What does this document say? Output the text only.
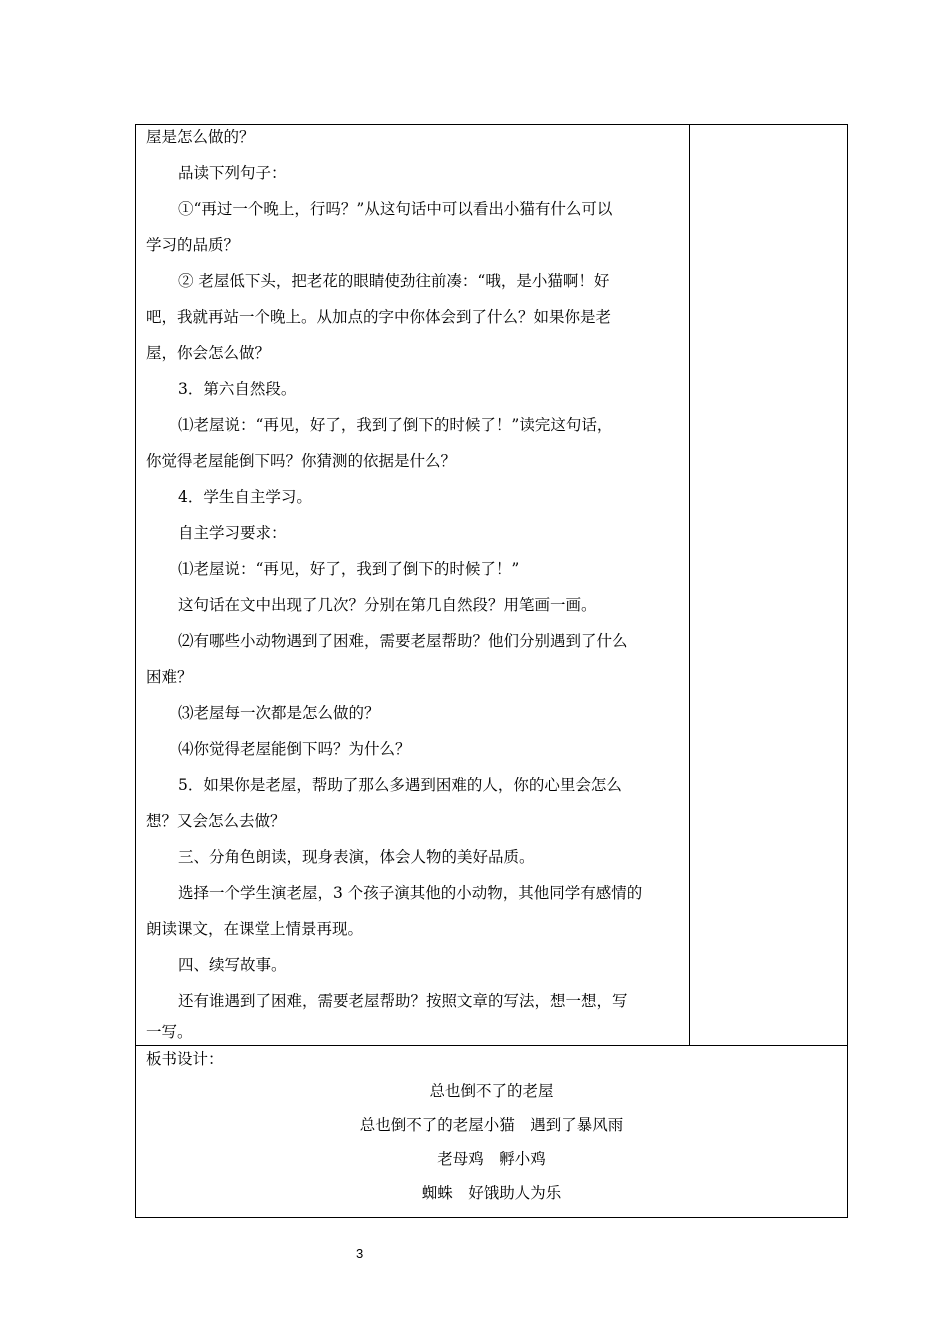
屋是怎么做的？
品读下列句子：
①“再过一个晚上，行吗？”从这句话中可以看出小猫有什么可以
学习的品质？
② 老屋低下头，把老花的眼睛使劲往前凑：“哦，是小猫啊！好
吧，我就再站一个晚上。从加点的字中你体会到了什么？如果你是老
屋，你会怎么做？
3．第六自然段。
⑴老屋说：“再见，好了，我到了倒下的时候了！”读完这句话，
你觉得老屋能倒下吗？你猜测的依据是什么？
4．学生自主学习。
自主学习要求：
⑴老屋说：“再见，好了，我到了倒下的时候了！”
这句话在文中出现了几次？分别在第几自然段？用笔画一画。
⑵有哪些小动物遇到了困难，需要老屋帮助？他们分别遇到了什么
困难？
⑶老屋每一次都是怎么做的？
⑷你觉得老屋能倒下吗？为什么？
5．如果你是老屋，帮助了那么多遇到困难的人，你的心里会怎么
想？又会怎么去做？
三、分角色朗读，现身表演，体会人物的美好品质。
选择一个学生演老屋，3 个孩子演其他的小动物，其他同学有感情的
朗读课文，在课堂上情景再现。
四、续写故事。
还有谁遇到了困难，需要老屋帮助？按照文章的写法，想一想，写
一写。
板书设计：
总也倒不了的老屋
总也倒不了的老屋小猫　遇到了暴风雨
老母鸡　孵小鸡
蜘蛛　好饿助人为乐
3
